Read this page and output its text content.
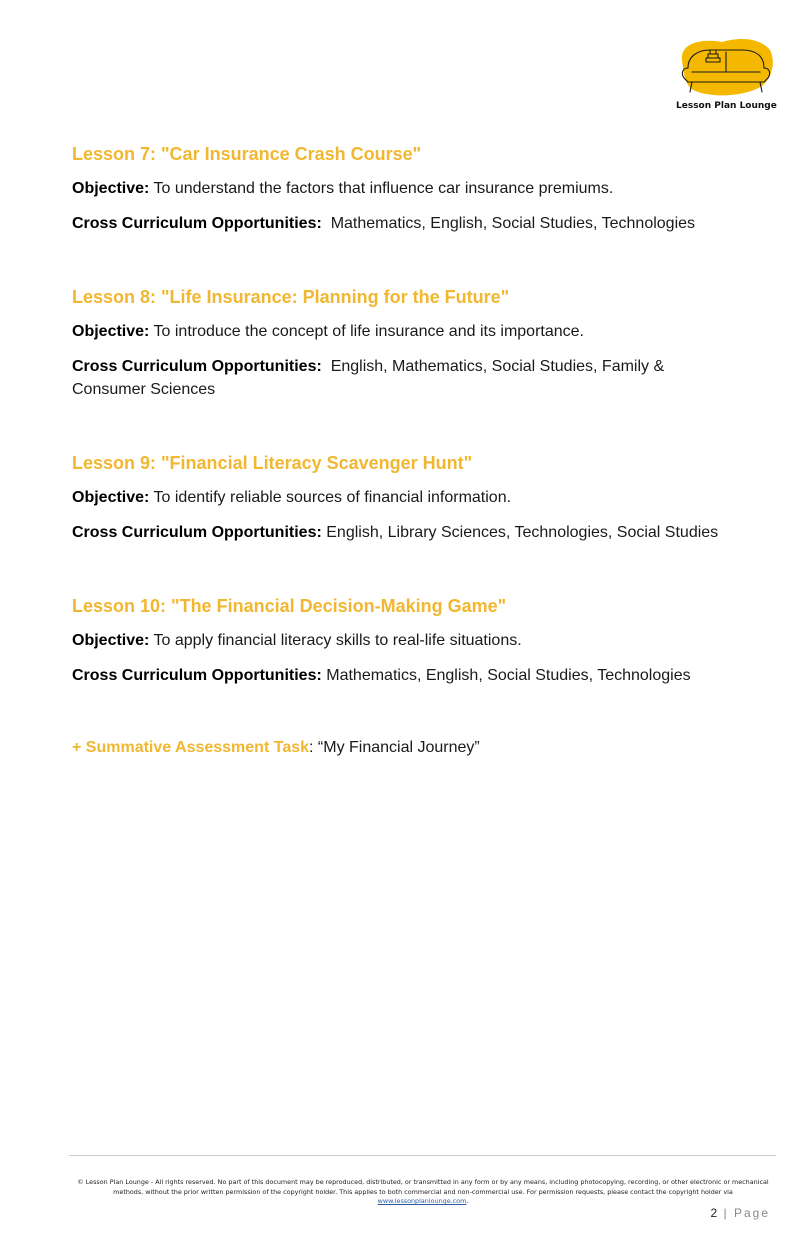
Lesson Plan Lounge
Lesson 7: "Car Insurance Crash Course"
Objective: To understand the factors that influence car insurance premiums.
Cross Curriculum Opportunities: Mathematics, English, Social Studies, Technologies
Lesson 8: "Life Insurance: Planning for the Future"
Objective: To introduce the concept of life insurance and its importance.
Cross Curriculum Opportunities: English, Mathematics, Social Studies, Family & Consumer Sciences
Lesson 9: "Financial Literacy Scavenger Hunt"
Objective: To identify reliable sources of financial information.
Cross Curriculum Opportunities: English, Library Sciences, Technologies, Social Studies
Lesson 10: "The Financial Decision-Making Game"
Objective: To apply financial literacy skills to real-life situations.
Cross Curriculum Opportunities: Mathematics, English, Social Studies, Technologies
+ Summative Assessment Task: “My Financial Journey”
© Lesson Plan Lounge - All rights reserved. No part of this document may be reproduced, distributed, or transmitted in any form or by any means, including photocopying, recording, or other electronic or mechanical methods, without the prior written permission of the copyright holder. This applies to both commercial and non-commercial use. For permission requests, please contact the copyright holder via www.lessonplanlounge.com.
2 | Page
